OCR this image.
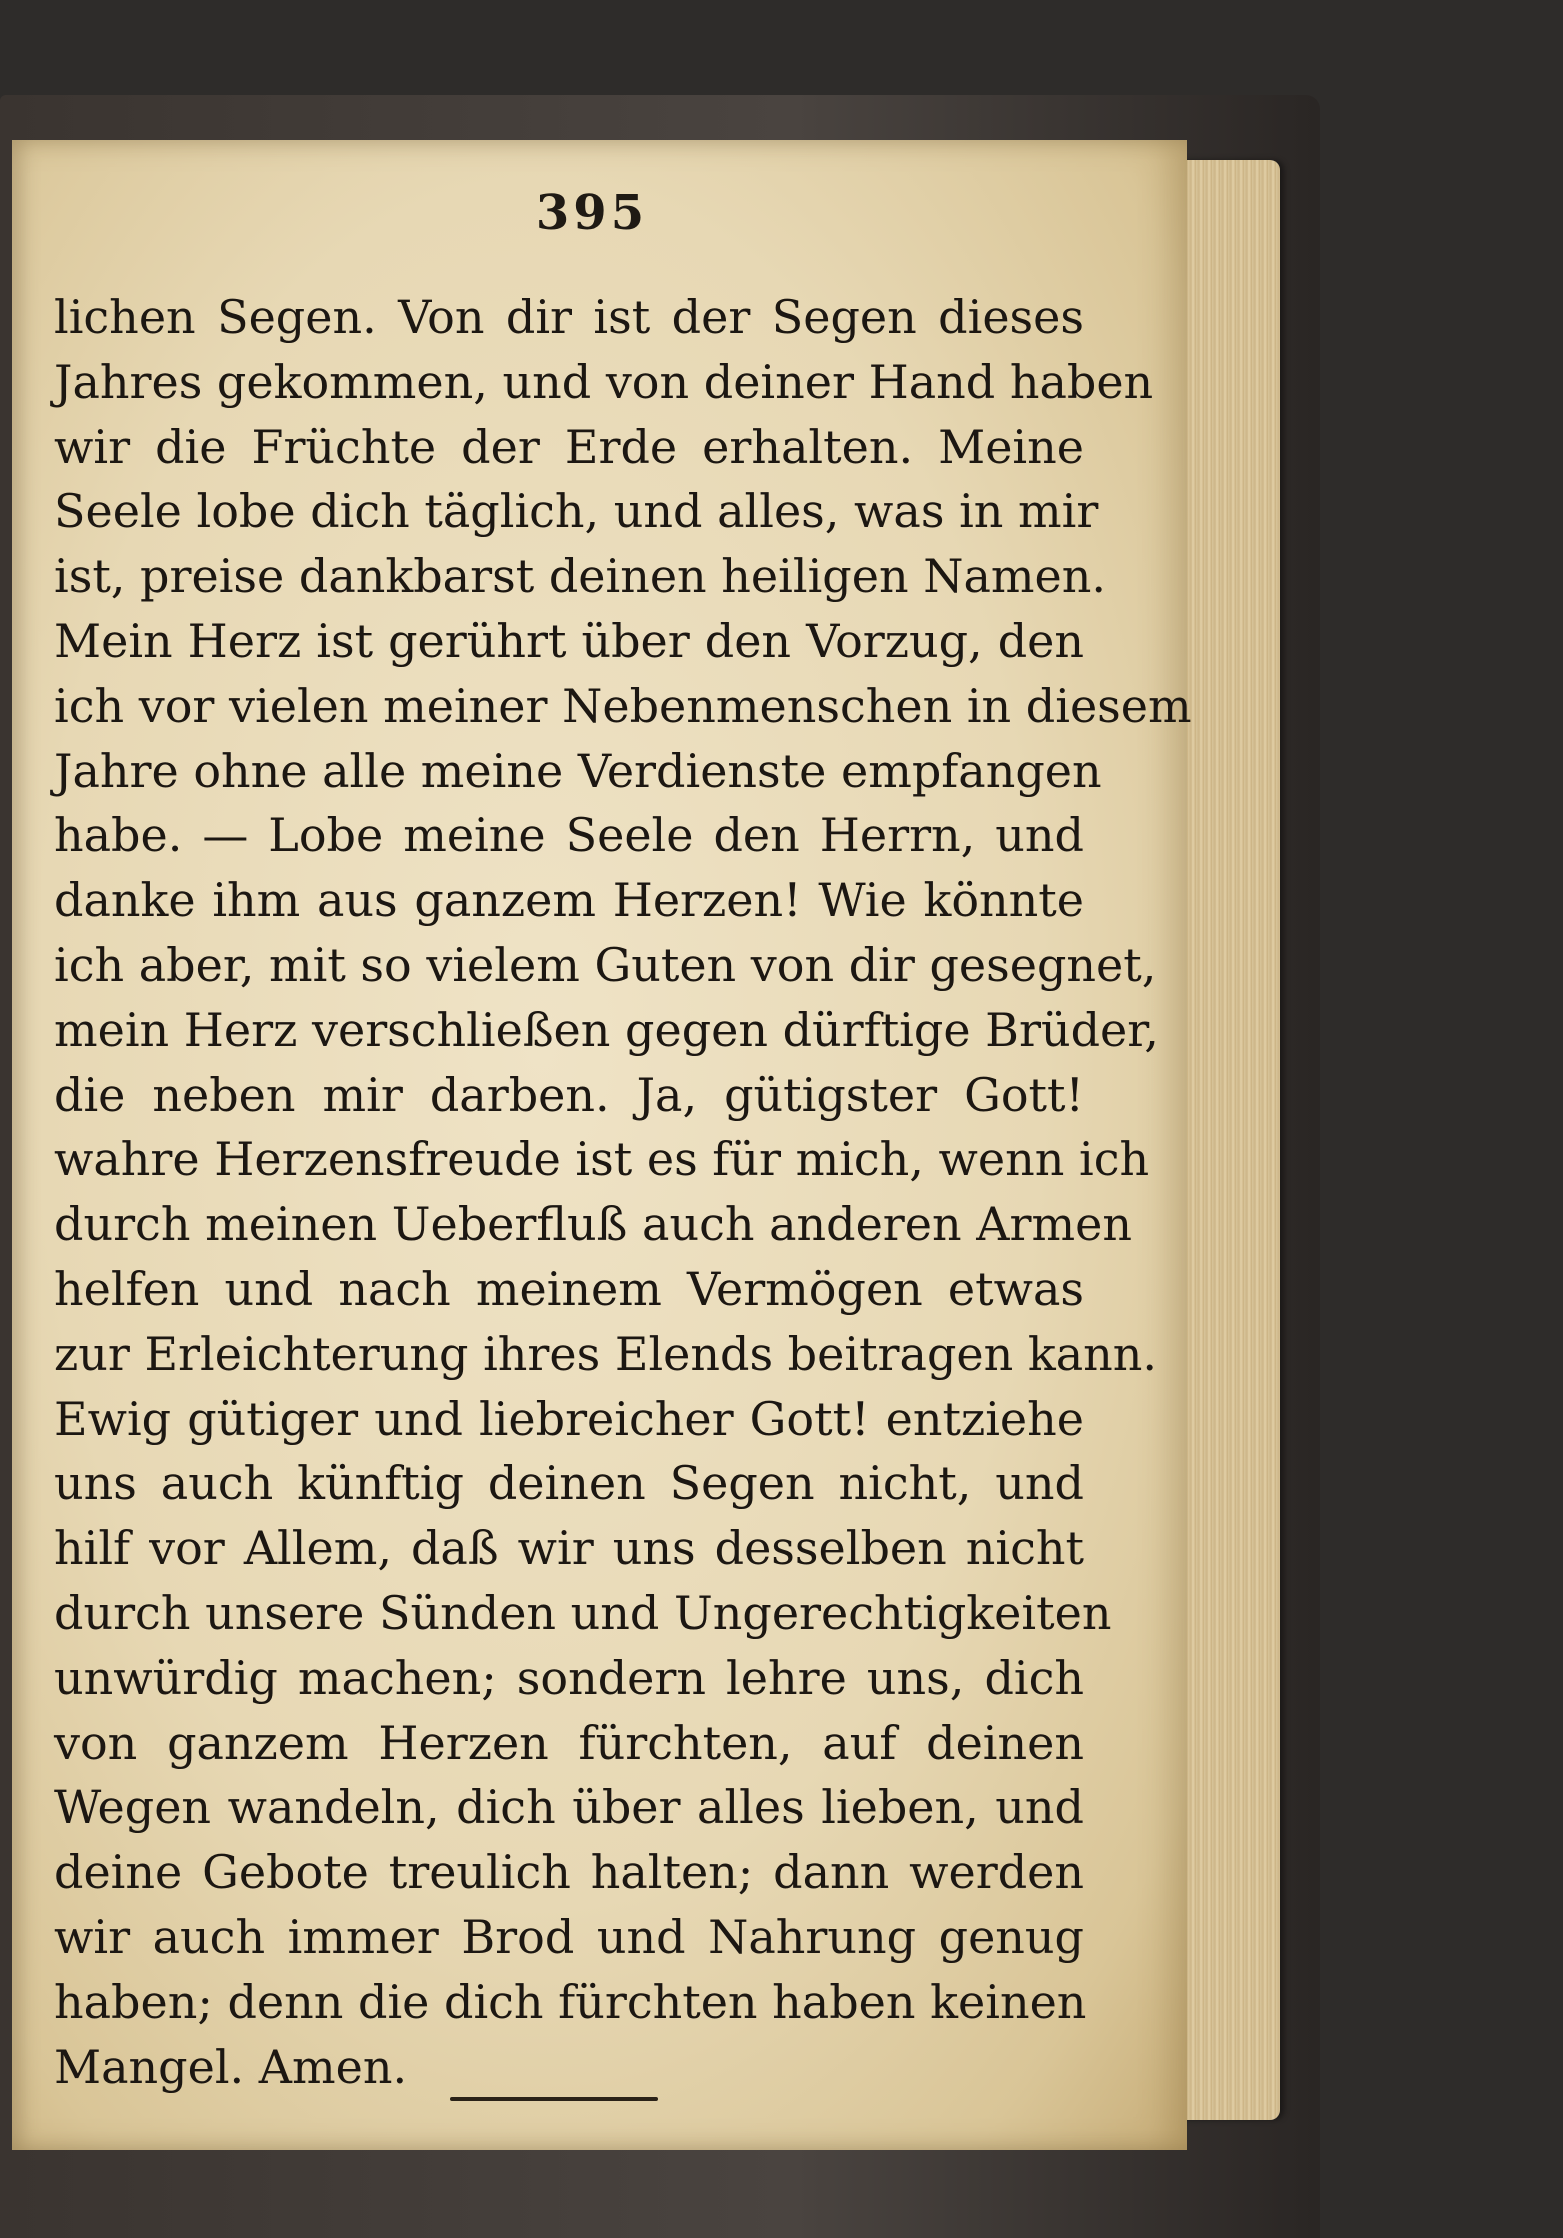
395
lichen Segen. Von dir ist der Segen dieses
Jahres gekommen, und von deiner Hand haben
wir die Früchte der Erde erhalten. Meine
Seele lobe dich täglich, und alles, was in mir
ist, preise dankbarst deinen heiligen Namen.
Mein Herz ist gerührt über den Vorzug, den
ich vor vielen meiner Nebenmenschen in diesem
Jahre ohne alle meine Verdienste empfangen
habe. — Lobe meine Seele den Herrn, und
danke ihm aus ganzem Herzen! Wie könnte
ich aber, mit so vielem Guten von dir gesegnet,
mein Herz verschließen gegen dürftige Brüder,
die neben mir darben. Ja, gütigster Gott!
wahre Herzensfreude ist es für mich, wenn ich
durch meinen Ueberfluß auch anderen Armen
helfen und nach meinem Vermögen etwas
zur Erleichterung ihres Elends beitragen kann.
Ewig gütiger und liebreicher Gott! entziehe
uns auch künftig deinen Segen nicht, und
hilf vor Allem, daß wir uns desselben nicht
durch unsere Sünden und Ungerechtigkeiten
unwürdig machen; sondern lehre uns, dich
von ganzem Herzen fürchten, auf deinen
Wegen wandeln, dich über alles lieben, und
deine Gebote treulich halten; dann werden
wir auch immer Brod und Nahrung genug
haben; denn die dich fürchten haben keinen
Mangel. Amen.
